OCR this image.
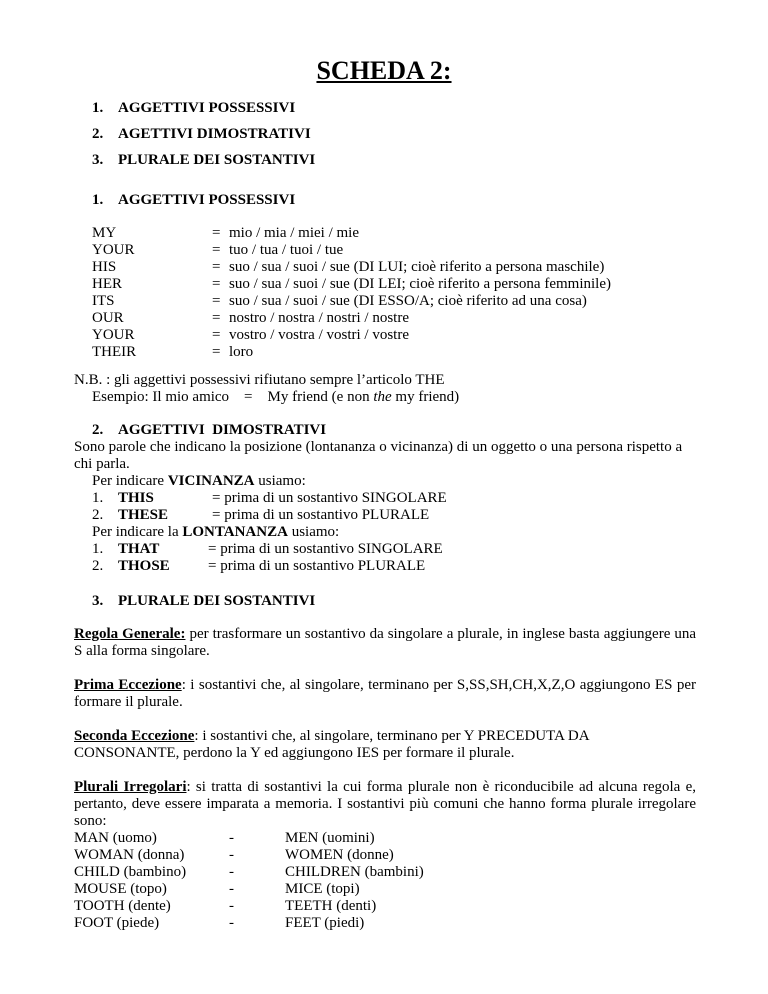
SCHEDA 2:
1. AGGETTIVI POSSESSIVI
2. AGETTIVI DIMOSTRATIVI
3. PLURALE DEI SOSTANTIVI
1. AGGETTIVI POSSESSIVI
MY	= mio / mia / miei / mie
YOUR	= tuo / tua / tuoi / tue
HIS	= suo / sua / suoi / sue (DI LUI; cioè riferito a persona maschile)
HER	= suo / sua / suoi / sue (DI LEI; cioè riferito a persona femminile)
ITS	= suo / sua / suoi / sue (DI ESSO/A; cioè riferito ad una cosa)
OUR	= nostro / nostra / nostri / nostre
YOUR	= vostro / vostra / vostri / vostre
THEIR	= loro
N.B. : gli aggettivi possessivi rifiutano sempre l’articolo THE
Esempio: Il mio amico    =    My friend (e non the my friend)
2. AGGETTIVI  DIMOSTRATIVI
Sono parole che indicano la posizione (lontananza o vicinanza) di un oggetto o una persona rispetto a chi parla.
Per indicare VICINANZA usiamo:
1. THIS	= prima di un sostantivo SINGOLARE
2. THESE	= prima di un sostantivo PLURALE
Per indicare la LONTANANZA usiamo:
1. THAT	= prima di un sostantivo SINGOLARE
2. THOSE	= prima di un sostantivo PLURALE
3. PLURALE DEI SOSTANTIVI
Regola Generale: per trasformare un sostantivo da singolare a plurale, in inglese basta aggiungere una S alla forma singolare.
Prima Eccezione: i sostantivi che, al singolare, terminano per S,SS,SH,CH,X,Z,O aggiungono ES per formare il plurale.
Seconda Eccezione: i sostantivi che, al singolare, terminano per Y PRECEDUTA DA CONSONANTE, perdono la Y ed aggiungono IES per formare il plurale.
Plurali Irregolari: si tratta di sostantivi la cui forma plurale non è riconducibile ad alcuna regola e, pertanto, deve essere imparata a memoria. I sostantivi più comuni che hanno forma plurale irregolare sono:
MAN (uomo)	-	MEN (uomini)
WOMAN (donna)	-	WOMEN (donne)
CHILD (bambino)	-	CHILDREN (bambini)
MOUSE (topo)	-	MICE (topi)
TOOTH (dente)	-	TEETH (denti)
FOOT (piede)	-	FEET (piedi)
